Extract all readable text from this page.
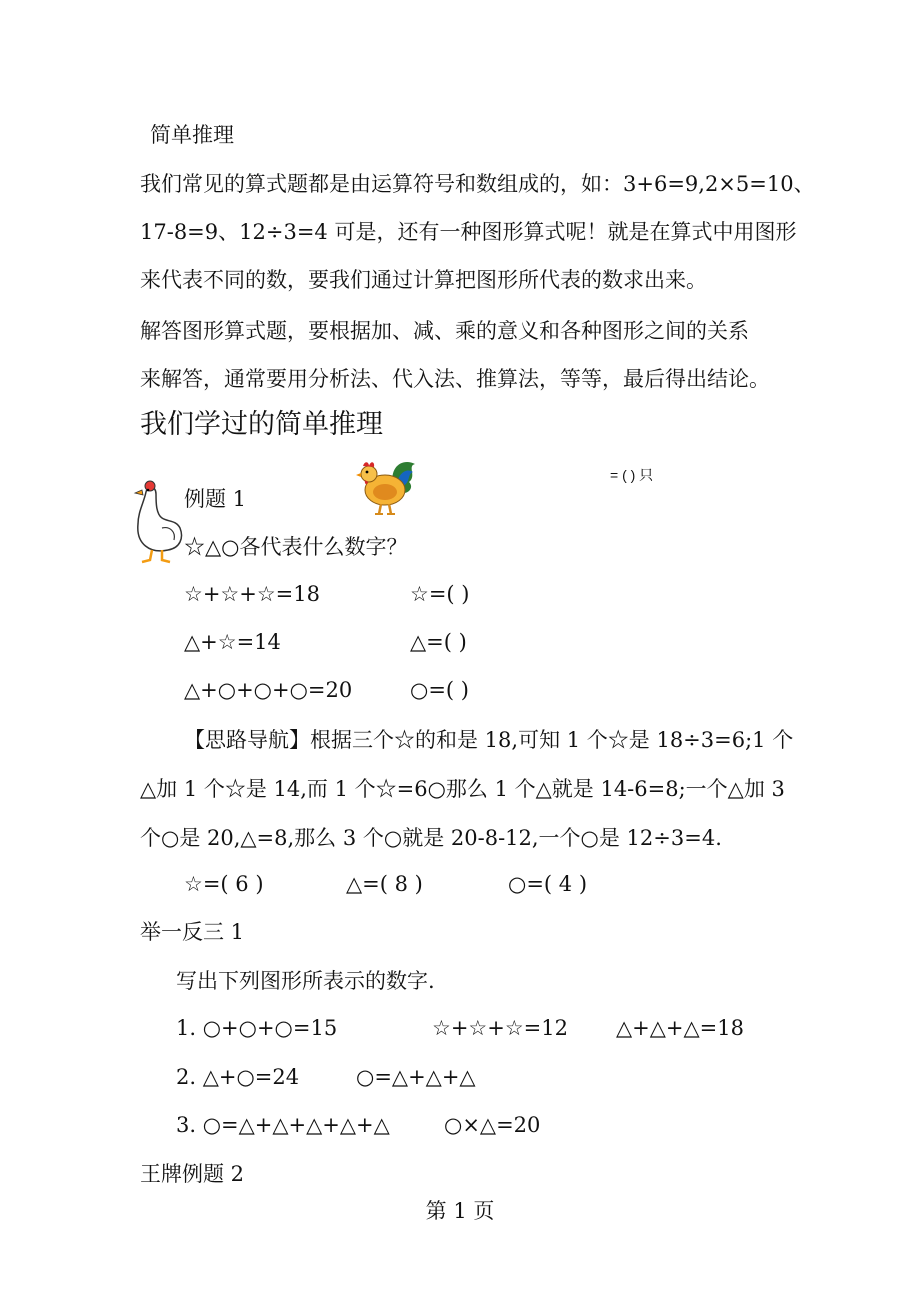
简单推理
我们常见的算式题都是由运算符号和数组成的，如：3+6=9,2×5=10、
17-8=9、12÷3=4 可是，还有一种图形算式呢！就是在算式中用图形
来代表不同的数，要我们通过计算把图形所代表的数求出来。
解答图形算式题，要根据加、减、乘的意义和各种图形之间的关系
来解答，通常要用分析法、代入法、推算法，等等，最后得出结论。
我们学过的简单推理
= ( ) 只
例题 1
☆△○各代表什么数字？
☆+☆+☆=18	☆=( )
△+☆=14	△=( )
△+○+○+○=20	○=( )
【思路导航】根据三个☆的和是 18,可知 1 个☆是 18÷3=6;1 个
△加 1 个☆是 14,而 1 个☆=6○那么 1 个△就是 14-6=8;一个△加 3
个○是 20,△=8,那么 3 个○就是 20-8-12,一个○是 12÷3=4.
☆=( 6 )	△=( 8 )	○=( 4 )
举一反三 1
写出下列图形所表示的数字.
1. ○+○+○=15	☆+☆+☆=12 △+△+△=18
2. △+○=24	○=△+△+△
3. ○=△+△+△+△+△	○×△=20
王牌例题 2
第 1 页
